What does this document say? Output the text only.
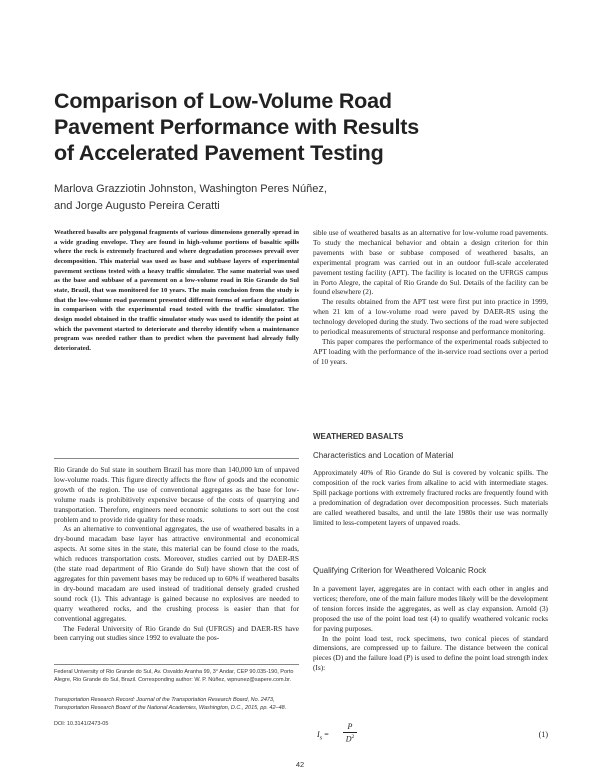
Comparison of Low-Volume Road
Pavement Performance with Results
of Accelerated Pavement Testing
Marlova Grazziotin Johnston, Washington Peres Núñez,
and Jorge Augusto Pereira Ceratti
Weathered basalts are polygonal fragments of various dimensions generally spread in a wide grading envelope. They are found in high-volume portions of basaltic spills where the rock is extremely fractured and where degradation processes prevail over decomposition. This material was used as base and subbase layers of experimental pavement sections tested with a heavy traffic simulator. The same material was used as the base and subbase of a pavement on a low-volume road in Rio Grande do Sul state, Brazil, that was monitored for 10 years. The main conclusion from the study is that the low-volume road pavement presented different forms of surface degradation in comparison with the experimental road tested with the traffic simulator. The design model obtained in the traffic simulator study was used to identify the point at which the pavement started to deteriorate and thereby identify when a maintenance program was needed rather than to predict when the pavement had already fully deteriorated.

Rio Grande do Sul state in southern Brazil has more than 140,000 km of unpaved low-volume roads. This figure directly affects the flow of goods and the economic growth of the region. The use of conventional aggregates as the base for low-volume roads is prohibitively expensive because of the costs of quarrying and transportation. Therefore, engineers need economic solutions to sort out the cost problem and to provide ride quality for these roads.

As an alternative to conventional aggregates, the use of weathered basalts in a dry-bound macadam base layer has attractive environmental and economical aspects. At some sites in the state, this material can be found close to the roads, which reduces transportation costs. Moreover, studies carried out by DAER-RS (the state road department of Rio Grande do Sul) have shown that the cost of aggregates for thin pavement bases may be reduced up to 60% if weathered basalts in dry-bound macadam are used instead of traditional densely graded crushed sound rock (1). This advantage is gained because no explosives are needed to quarry weathered rocks, and the crushing process is easier than that for conventional aggregates.

The Federal University of Rio Grande do Sul (UFRGS) and DAER-RS have been carrying out studies since 1992 to evaluate the pos-

sible use of weathered basalts as an alternative for low-volume road pavements. To study the mechanical behavior and obtain a design criterion for thin pavements with base or subbase composed of weathered basalts, an experimental program was carried out in an outdoor full-scale accelerated pavement testing facility (APT). The facility is located on the UFRGS campus in Porto Alegre, the capital of Rio Grande do Sul. Details of the facility can be found elsewhere (2).

The results obtained from the APT test were first put into practice in 1999, when 21 km of a low-volume road were paved by DAER-RS using the technology developed during the study. Two sections of the road were subjected to periodical measurements of structural response and performance monitoring.

This paper compares the performance of the experimental roads subjected to APT loading with the performance of the in-service road sections over a period of 10 years.

WEATHERED BASALTS
Characteristics and Location of Material

Approximately 40% of Rio Grande do Sul is covered by volcanic spills. The composition of the rock varies from alkaline to acid with intermediate stages. Spill package portions with extremely fractured rocks are frequently found with a predomination of degradation over decomposition processes. Such materials are called weathered basalts, and until the late 1980s their use was normally limited to less-competent layers of unpaved roads.

Qualifying Criterion for Weathered Volcanic Rock

In a pavement layer, aggregates are in contact with each other in angles and vertices; therefore, one of the main failure modes likely will be the development of tension forces inside the aggregates, as well as clay expansion. Arnold (3) proposed the use of the point load test (4) to qualify weathered volcanic rocks for paving purposes.

In the point load test, rock specimens, two conical pieces of standard dimensions, are compressed up to failure. The distance between the conical pieces (D) and the failure load (P) is used to define the point load strength index (Is):

$I_s = \frac{P}{D^2}$	(1)
Federal University of Rio Grande do Sul, Av. Osvaldo Aranha 99, 3° Andar, CEP 90.035-190, Porto Alegre, Rio Grande do Sul, Brazil. Corresponding author: W. P. Núñez, wpnunez@sapere.com.br.
Transportation Research Record: Journal of the Transportation Research Board, No. 2473, Transportation Research Board of the National Academies, Washington, D.C., 2015, pp. 42–48.
DOI: 10.3141/2473-05
42
